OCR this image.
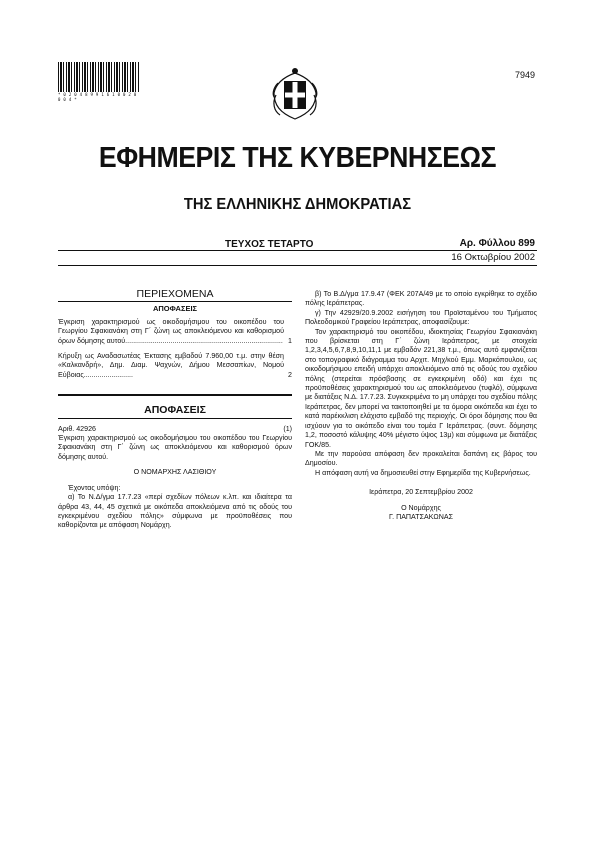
* 0 2 0 4 8 9 9 1 6 1 0 0 2 0 0 0 4 *
7949
ΕΦΗΜΕΡΙΣ ΤΗΣ ΚΥΒΕΡΝΗΣΕΩΣ
ΤΗΣ ΕΛΛΗΝΙΚΗΣ ΔΗΜΟΚΡΑΤΙΑΣ
ΤΕΥΧΟΣ ΤΕΤΑΡΤΟ	Αρ. Φύλλου 899
16 Οκτωβρίου 2002
ΠΕΡΙΕΧΟΜΕΝΑ
ΑΠΟΦΑΣΕΙΣ
Έγκριση χαρακτηρισμού ως οικοδομήσιμου του οικοπέδου του Γεωργίου Σφακιανάκη στη Γ΄ ζώνη ως αποκλειόμενου και καθορισμού όρων δόμησης αυτού................................................................................ 1
Κήρυξη ως Αναδασωτέας Έκτασης εμβαδού 7.960,00 τ.μ. στην θέση «Καλκανδρή», Δημ. Διαμ. Ψαχνών, Δήμου Μεσσαπίων, Νομού Εύβοιας.........................	2
ΑΠΟΦΑΣΕΙΣ
Αριθ. 42926	(1)

Έγκριση χαρακτηρισμού ως οικοδομήσιμου του οικοπέδου του Γεωργίου Σφακιανάκη στη Γ΄ ζώνη ως αποκλειόμενου και καθορισμού όρων δόμησης αυτού.

Ο ΝΟΜΑΡΧΗΣ ΛΑΣΙΘΙΟΥ

Έχοντας υπόψη:

α) Το Ν.Δ/γμα 17.7.23 «περί σχεδίων πόλεων κ.λπ. και ιδιαίτερα τα άρθρα 43, 44, 45 σχετικά με οικόπεδα αποκλειόμενα από τις οδούς του εγκεκριμένου σχεδίου πόλης» σύμφωνα με προϋποθέσεις που καθορίζονται με απόφαση Νομάρχη.

β) Το Β.Δ/γμα 17.9.47 (ΦΕΚ 207Α/49 με το οποίο εγκρίθηκε το σχέδιο πόλης Ιεράπετρας.

γ) Την 42929/20.9.2002 εισήγηση του Προϊσταμένου του Τμήματος Πολεοδομικού Γραφείου Ιεράπετρας, αποφασίζουμε:

Τον χαρακτηρισμό του οικοπέδου, ιδιοκτησίας Γεωργίου Σφακιανάκη που βρίσκεται στη Γ΄ ζώνη Ιεράπετρας, με στοιχεία 1,2,3,4,5,6,7,8,9,10,11,1 με εμβαδόν 221,38 τ.μ., όπως αυτό εμφανίζεται στο τοπογραφικό διάγραμμα του Αρχιτ. Μηχ/κού Εμμ. Μαρκόπουλου, ως οικοδομήσιμου επειδή υπάρχει αποκλειόμενο από τις οδούς του σχεδίου πόλης (στερείται πρόσβασης σε εγκεκριμένη οδό) και έχει τις προϋποθέσεις χαρακτηρισμού του ως αποκλειόμενου (τυφλό), σύμφωνα με διατάξεις Ν.Δ. 17.7.23. Συγκεκριμένα το μη υπάρχει του σχεδίου πόλης Ιεράπετρας, δεν μπορεί να τακτοποιηθεί με τα όμορα οικόπεδα και έχει το κατά παρέκκλιση ελάχιστο εμβαδό της περιοχής. Οι όροι δόμησης που θα ισχύουν για το οικόπεδο είναι του τομέα Γ Ιεράπετρας. (συντ. δόμησης 1,2, ποσοστό κάλυψης 40% μέγιστο ύψος 13μ) και σύμφωνα με διατάξεις ΓΟΚ/85.

Με την παρούσα απόφαση δεν προκαλείται δαπάνη εις βάρος του Δημοσίου.

Η απόφαση αυτή να δημοσιευθεί στην Εφημερίδα της Κυβερνήσεως.

Ιεράπετρα, 20 Σεπτεμβρίου 2002

Ο Νομάρχης

Γ. ΠΑΠΑΤΣΑΚΩΝΑΣ
